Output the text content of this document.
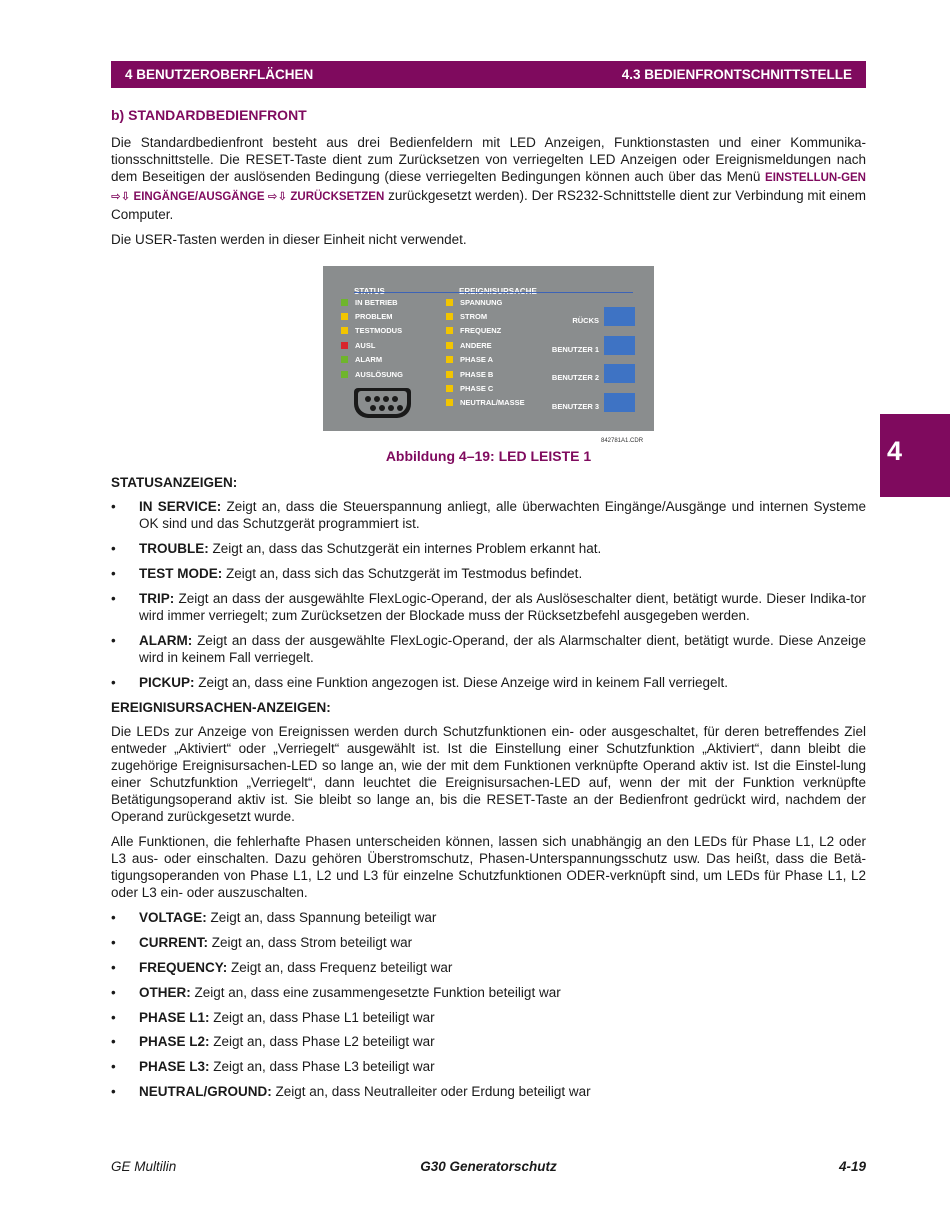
4 BENUTZEROBERFLÄCHEN	4.3 BEDIENFRONTSCHNITTSTELLE
4
b) STANDARDBEDIENFRONT

Die Standardbedienfront besteht aus drei Bedienfeldern mit LED Anzeigen, Funktionstasten und einer Kommunika-tionsschnittstelle. Die RESET-Taste dient zum Zurücksetzen von verriegelten LED Anzeigen oder Ereignismeldungen nach dem Beseitigen der auslösenden Bedingung (diese verriegelten Bedingungen können auch über das Menü EINSTELLUN-GEN ⇨⇩ EINGÄNGE/AUSGÄNGE ⇨⇩ ZURÜCKSETZEN zurückgesetzt werden). Der RS232-Schnittstelle dient zur Verbindung mit einem Computer.

Die USER-Tasten werden in dieser Einheit nicht verwendet.

IN BETRIEB
PROBLEM
TESTMODUS
AUSL
ALARM
AUSLÖSUNG
SPANNUNG
STROM
FREQUENZ
ANDERE
PHASE A
PHASE B
PHASE C
NEUTRAL/MASSE
RÜCKS
BENUTZER 1
BENUTZER 2
BENUTZER 3
842781A1.CDR
Abbildung 4–19: LED LEISTE 1
STATUSANZEIGEN:
• IN SERVICE: Zeigt an, dass die Steuerspannung anliegt, alle überwachten Eingänge/Ausgänge und internen Systeme OK sind und das Schutzgerät programmiert ist.
• TROUBLE: Zeigt an, dass das Schutzgerät ein internes Problem erkannt hat.
• TEST MODE: Zeigt an, dass sich das Schutzgerät im Testmodus befindet.
• TRIP: Zeigt an dass der ausgewählte FlexLogic-Operand, der als Auslöseschalter dient, betätigt wurde. Dieser Indika-tor wird immer verriegelt; zum Zurücksetzen der Blockade muss der Rücksetzbefehl ausgegeben werden.
• ALARM: Zeigt an dass der ausgewählte FlexLogic-Operand, der als Alarmschalter dient, betätigt wurde. Diese Anzeige wird in keinem Fall verriegelt.
• PICKUP: Zeigt an, dass eine Funktion angezogen ist. Diese Anzeige wird in keinem Fall verriegelt.
EREIGNISURSACHEN-ANZEIGEN:

Die LEDs zur Anzeige von Ereignissen werden durch Schutzfunktionen ein- oder ausgeschaltet, für deren betreffendes Ziel entweder „Aktiviert“ oder „Verriegelt“ ausgewählt ist. Ist die Einstellung einer Schutzfunktion „Aktiviert“, dann bleibt die zugehörige Ereignisursachen-LED so lange an, wie der mit dem Funktionen verknüpfte Operand aktiv ist. Ist die Einstel-lung einer Schutzfunktion „Verriegelt“, dann leuchtet die Ereignisursachen-LED auf, wenn der mit der Funktion verknüpfte Betätigungsoperand aktiv ist. Sie bleibt so lange an, bis die RESET-Taste an der Bedienfront gedrückt wird, nachdem der Operand zurückgesetzt wurde.

Alle Funktionen, die fehlerhafte Phasen unterscheiden können, lassen sich unabhängig an den LEDs für Phase L1, L2 oder L3 aus- oder einschalten. Dazu gehören Überstromschutz, Phasen-Unterspannungsschutz usw. Das heißt, dass die Betä-tigungsoperanden von Phase L1, L2 und L3 für einzelne Schutzfunktionen ODER-verknüpft sind, um LEDs für Phase L1, L2 oder L3 ein- oder auszuschalten.

• VOLTAGE: Zeigt an, dass Spannung beteiligt war
• CURRENT: Zeigt an, dass Strom beteiligt war
• FREQUENCY: Zeigt an, dass Frequenz beteiligt war
• OTHER: Zeigt an, dass eine zusammengesetzte Funktion beteiligt war
• PHASE L1: Zeigt an, dass Phase L1 beteiligt war
• PHASE L2: Zeigt an, dass Phase L2 beteiligt war
• PHASE L3: Zeigt an, dass Phase L3 beteiligt war
• NEUTRAL/GROUND: Zeigt an, dass Neutralleiter oder Erdung beteiligt war
GE Multilin	G30 Generatorschutz	4-19
